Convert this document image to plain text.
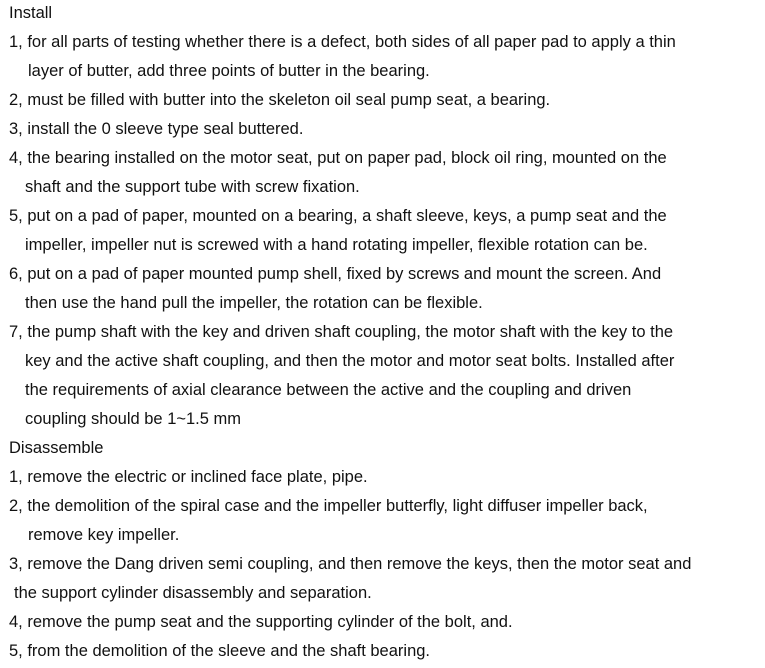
Install
1, for all parts of testing whether there is a defect, both sides of all paper pad to apply a thin
layer of butter, add three points of butter in the bearing.
2, must be filled with butter into the skeleton oil seal pump seat, a bearing.
3, install the 0 sleeve type seal buttered.
4, the bearing installed on the motor seat, put on paper pad, block oil ring, mounted on the
shaft and the support tube with screw fixation.
5, put on a pad of paper, mounted on a bearing, a shaft sleeve, keys, a pump seat and the
impeller, impeller nut is screwed with a hand rotating impeller, flexible rotation can be.
6, put on a pad of paper mounted pump shell, fixed by screws and mount the screen. And
then use the hand pull the impeller, the rotation can be flexible.
7, the pump shaft with the key and driven shaft coupling, the motor shaft with the key to the
key and the active shaft coupling, and then the motor and motor seat bolts. Installed after
the requirements of axial clearance between the active and the coupling and driven
coupling should be 1~1.5 mm
Disassemble
1, remove the electric or inclined face plate, pipe.
2, the demolition of the spiral case and the impeller butterfly, light diffuser impeller back,
remove key impeller.
3, remove the Dang driven semi coupling, and then remove the keys, then the motor seat and
the support cylinder disassembly and separation.
4, remove the pump seat and the supporting cylinder of the bolt, and.
5, from the demolition of the sleeve and the shaft bearing.
